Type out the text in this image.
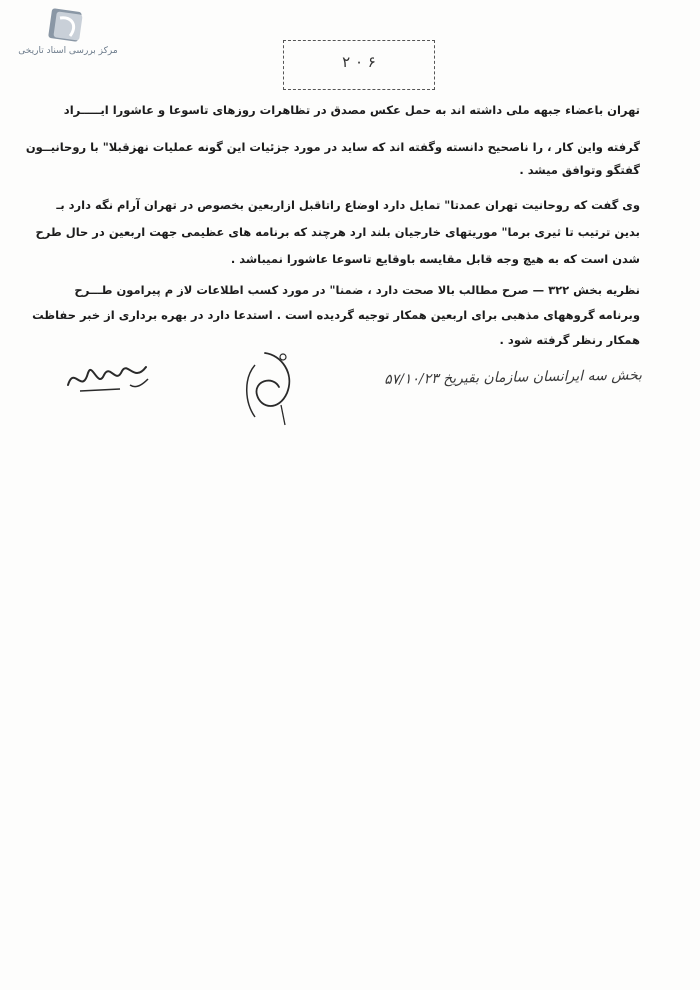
مرکز بررسی اسناد تاریخی
۲ ۰ ۶
تهران باعضاء جبهه ملی داشته اند به حمل عکس مصدق در تظاهرات روزهای تاسوعا و عاشورا ایـــــراد
گرفته واین کار ، را ناصحیح دانسته وگفته اند که ساید در مورد جزئیات این گونه عملیات نهزقبلا" با روحانیــون
گفتگو وتوافق میشد .
وی گفت که روحانیت تهران عمدتا" تمایل دارد اوضاع راتاقبل ازاربعین بخصوص در تهران آرام نگه دارد بـ
بدین ترتیب تا ثیری برما" موریتهای خارجیان بلند ارد هرچند که برنامه های عظیمی جهت اربعین در حال طرح
شدن است که به هیچ وجه قابل مقایسه باوقایع تاسوعا عاشورا نمیباشد .
نظریه بخش ۳۲۲ — صرح مطالب بالا صحت دارد ، ضمنا" در مورد کسب اطلاعات لاز م پیرامون طـــرح
وبرنامه گروههای مذهبی برای اربعین همکار توجیه گردیده است . استدعا دارد در بهره برداری از خبر حفاظت
همکار رنظر گرفته شود .
بخش سه ایرانسان سازمان بقیریخ ۵۷/۱۰/۲۳
